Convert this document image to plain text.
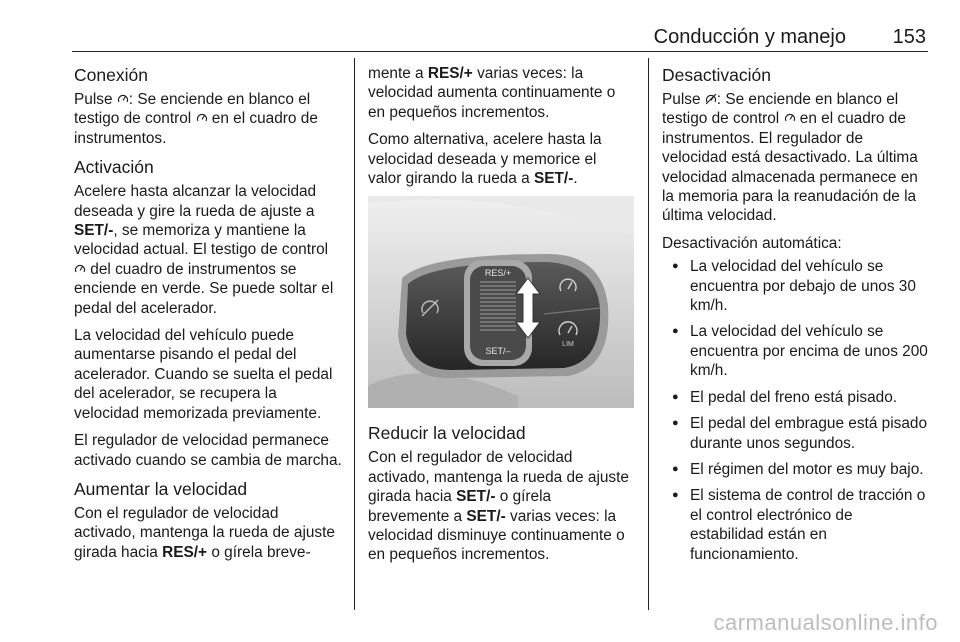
Conducción y manejo 153
Conexión

Pulse : Se enciende en blanco el testigo de control  en el cuadro de instrumentos.

Activación

Acelere hasta alcanzar la velocidad deseada y gire la rueda de ajuste a SET/-, se memoriza y mantiene la velocidad actual. El testigo de control  del cuadro de instrumentos se enciende en verde. Se puede soltar el pedal del acelerador.

La velocidad del vehículo puede aumentarse pisando el pedal del acelerador. Cuando se suelta el pedal del acelerador, se recupera la velocidad memorizada previamente.

El regulador de velocidad permanece activado cuando se cambia de marcha.

Aumentar la velocidad

Con el regulador de velocidad activado, mantenga la rueda de ajuste girada hacia RES/+ o gírela breve-

mente a RES/+ varias veces: la velocidad aumenta continuamente o en pequeños incrementos.

Como alternativa, acelere hasta la velocidad deseada y memorice el valor girando la rueda a SET/-.

RES/+
SET/–
LIM
Reducir la velocidad

Con el regulador de velocidad activado, mantenga la rueda de ajuste girada hacia SET/- o gírela brevemente a SET/- varias veces: la velocidad disminuye continuamente o en pequeños incrementos.

Desactivación

Pulse : Se enciende en blanco el testigo de control  en el cuadro de instrumentos. El regulador de velocidad está desactivado. La última velocidad almacenada permanece en la memoria para la reanudación de la última velocidad.

Desactivación automática:

● La velocidad del vehículo se encuentra por debajo de unos 30 km/h.
● La velocidad del vehículo se encuentra por encima de unos 200 km/h.
● El pedal del freno está pisado.
● El pedal del embrague está pisado durante unos segundos.
● El régimen del motor es muy bajo.
● El sistema de control de tracción o el control electrónico de estabilidad están en funcionamiento.
carmanualsonline.info
